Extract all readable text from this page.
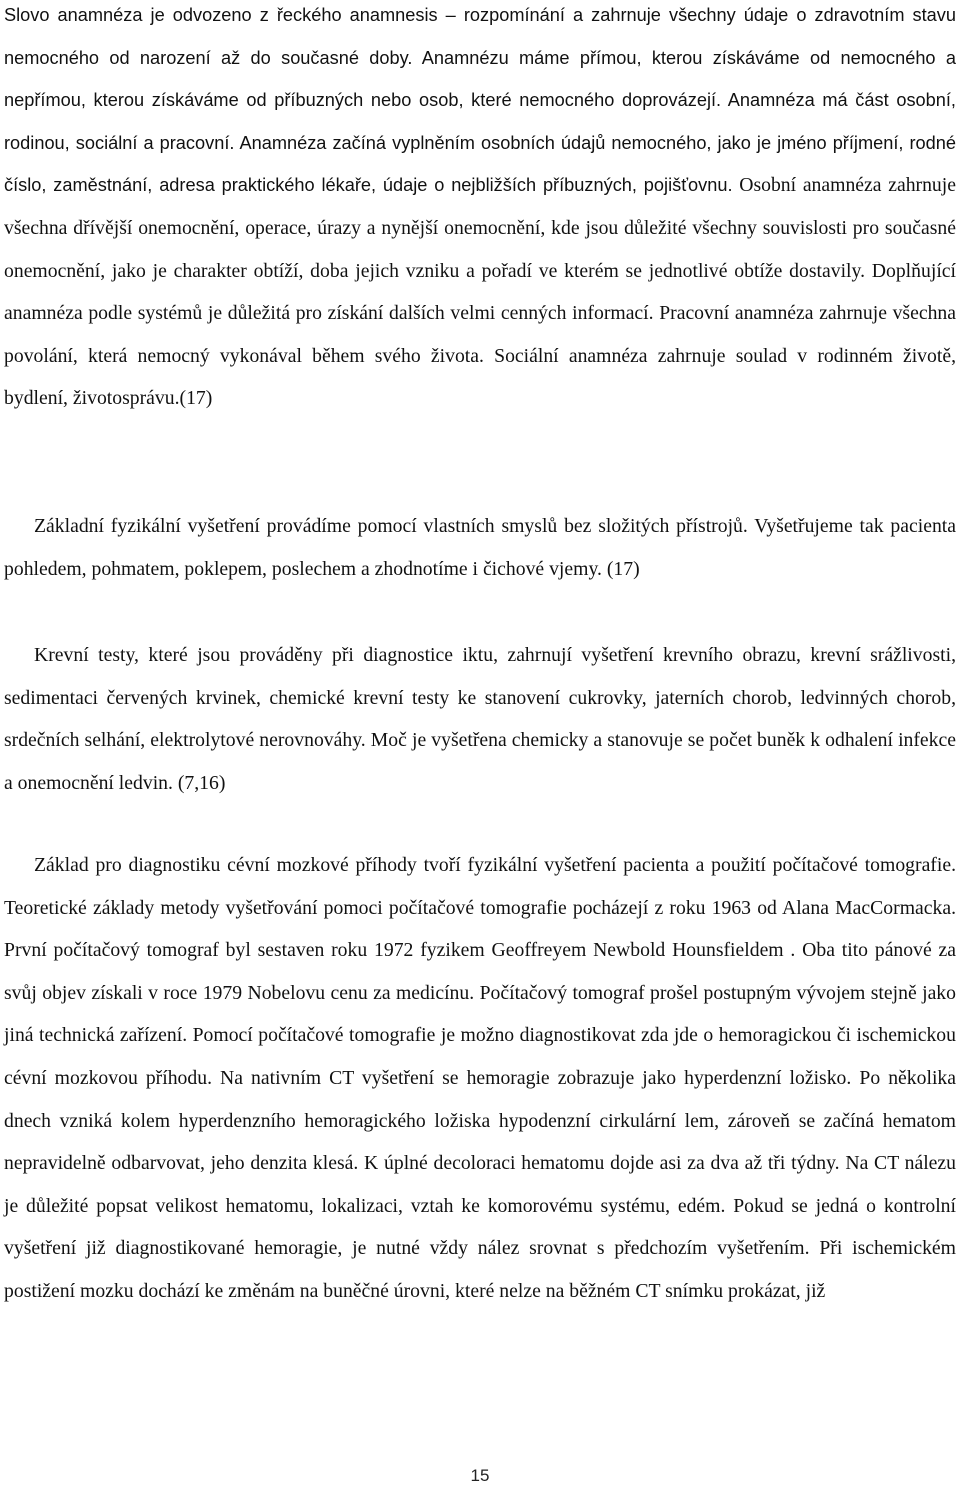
Slovo anamnéza je odvozeno z řeckého anamnesis – rozpomínání a zahrnuje všechny údaje o zdravotním stavu nemocného od narození až do současné doby. Anamnézu máme přímou, kterou získáváme od nemocného a nepřímou, kterou získáváme od příbuzných nebo osob, které nemocného doprovázejí. Anamnéza má část osobní, rodinou, sociální a pracovní. Anamnéza začíná vyplněním osobních údajů nemocného, jako je jméno příjmení, rodné číslo, zaměstnání, adresa praktického lékaře, údaje o nejbližších příbuzných, pojišťovnu. Osobní anamnéza zahrnuje všechna dřívější onemocnění, operace, úrazy a nynější onemocnění, kde jsou důležité všechny souvislosti pro současné onemocnění, jako je charakter obtíží, doba jejich vzniku a pořadí ve kterém se jednotlivé obtíže dostavily. Doplňující anamnéza podle systémů je důležitá pro získání dalších velmi cenných informací. Pracovní anamnéza zahrnuje všechna povolání, která nemocný vykonával během svého života. Sociální anamnéza zahrnuje soulad v rodinném životě, bydlení, životosprávu.(17)

Základní fyzikální vyšetření provádíme pomocí vlastních smyslů bez složitých přístrojů. Vyšetřujeme tak pacienta pohledem, pohmatem, poklepem, poslechem a zhodnotíme i čichové vjemy. (17)

Krevní testy, které jsou prováděny při diagnostice iktu, zahrnují vyšetření krevního obrazu, krevní srážlivosti, sedimentaci červených krvinek, chemické krevní testy ke stanovení cukrovky, jaterních chorob, ledvinných chorob, srdečních selhání, elektrolytové nerovnováhy. Moč je vyšetřena chemicky a stanovuje se počet buněk k odhalení infekce a onemocnění ledvin. (7,16)

Základ pro diagnostiku cévní mozkové příhody tvoří fyzikální vyšetření pacienta a použití počítačové tomografie. Teoretické základy metody vyšetřování pomoci počítačové tomografie pocházejí z roku 1963 od Alana MacCormacka. První počítačový tomograf byl sestaven roku 1972 fyzikem Geoffreyem Newbold Hounsfieldem . Oba tito pánové za svůj objev získali v roce 1979 Nobelovu cenu za medicínu. Počítačový tomograf prošel postupným vývojem stejně jako jiná technická zařízení. Pomocí počítačové tomografie je možno diagnostikovat zda jde o hemoragickou či ischemickou cévní mozkovou příhodu. Na nativním CT vyšetření se hemoragie zobrazuje jako hyperdenzní ložisko. Po několika dnech vzniká kolem hyperdenzního hemoragického ložiska hypodenzní cirkulární lem, zároveň se začíná hematom nepravidelně odbarvovat, jeho denzita klesá. K úplné decoloraci hematomu dojde asi za dva až tři týdny. Na CT nálezu je důležité popsat velikost hematomu, lokalizaci, vztah ke komorovému systému, edém. Pokud se jedná o kontrolní vyšetření již diagnostikované hemoragie, je nutné vždy nález srovnat s předchozím vyšetřením. Při ischemickém postižení mozku dochází ke změnám na buněčné úrovni, které nelze na běžném CT snímku prokázat, již

15
